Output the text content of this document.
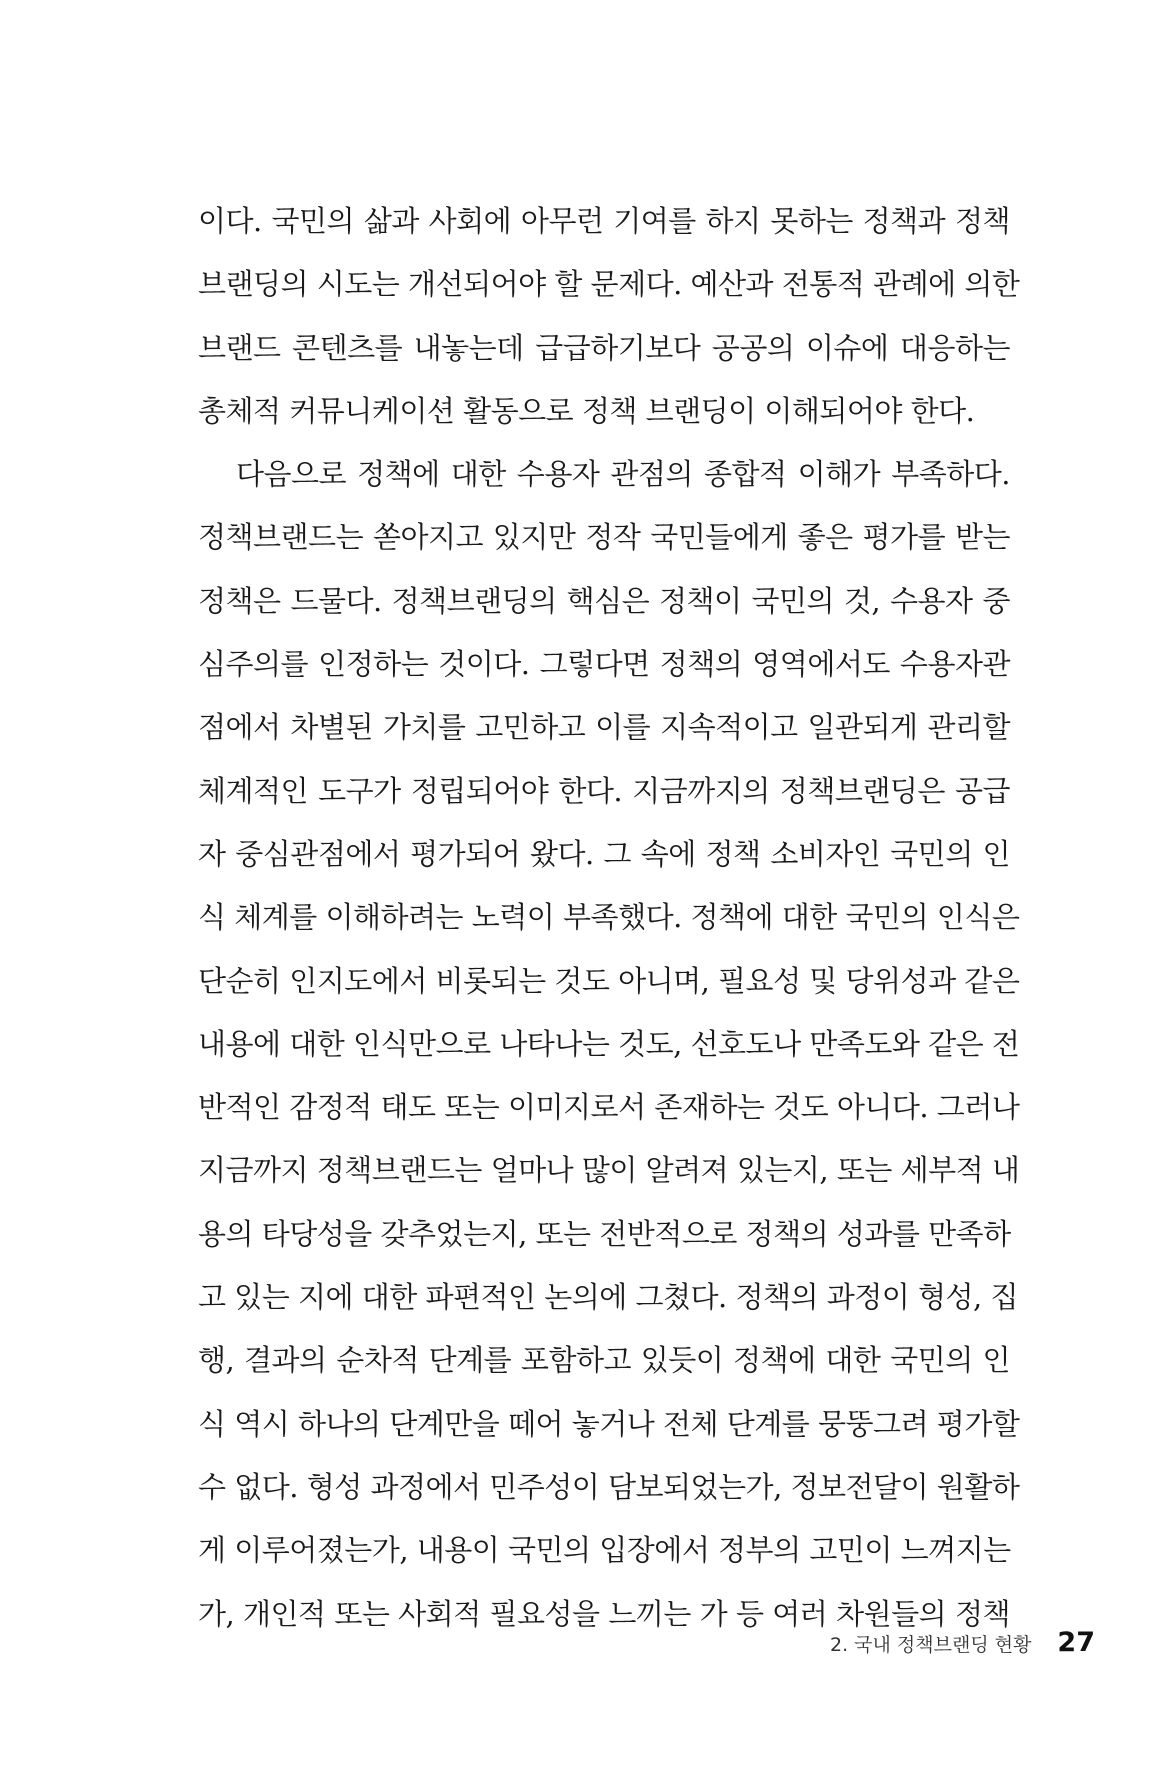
이다. 국민의 삶과 사회에 아무런 기여를 하지 못하는 정책과 정책
브랜딩의 시도는 개선되어야 할 문제다. 예산과 전통적 관례에 의한
브랜드 콘텐츠를 내놓는데 급급하기보다 공공의 이슈에 대응하는
총체적 커뮤니케이션 활동으로 정책 브랜딩이 이해되어야 한다.
다음으로 정책에 대한 수용자 관점의 종합적 이해가 부족하다.
정책브랜드는 쏟아지고 있지만 정작 국민들에게 좋은 평가를 받는
정책은 드물다. 정책브랜딩의 핵심은 정책이 국민의 것, 수용자 중
심주의를 인정하는 것이다. 그렇다면 정책의 영역에서도 수용자관
점에서 차별된 가치를 고민하고 이를 지속적이고 일관되게 관리할
체계적인 도구가 정립되어야 한다. 지금까지의 정책브랜딩은 공급
자 중심관점에서 평가되어 왔다. 그 속에 정책 소비자인 국민의 인
식 체계를 이해하려는 노력이 부족했다. 정책에 대한 국민의 인식은
단순히 인지도에서 비롯되는 것도 아니며, 필요성 및 당위성과 같은
내용에 대한 인식만으로 나타나는 것도, 선호도나 만족도와 같은 전
반적인 감정적 태도 또는 이미지로서 존재하는 것도 아니다. 그러나
지금까지 정책브랜드는 얼마나 많이 알려져 있는지, 또는 세부적 내
용의 타당성을 갖추었는지, 또는 전반적으로 정책의 성과를 만족하
고 있는 지에 대한 파편적인 논의에 그쳤다. 정책의 과정이 형성, 집
행, 결과의 순차적 단계를 포함하고 있듯이 정책에 대한 국민의 인
식 역시 하나의 단계만을 떼어 놓거나 전체 단계를 뭉뚱그려 평가할
수 없다. 형성 과정에서 민주성이 담보되었는가, 정보전달이 원활하
게 이루어졌는가, 내용이 국민의 입장에서 정부의 고민이 느껴지는
가, 개인적 또는 사회적 필요성을 느끼는 가 등 여러 차원들의 정책
2. 국내 정책브랜딩 현황 27
